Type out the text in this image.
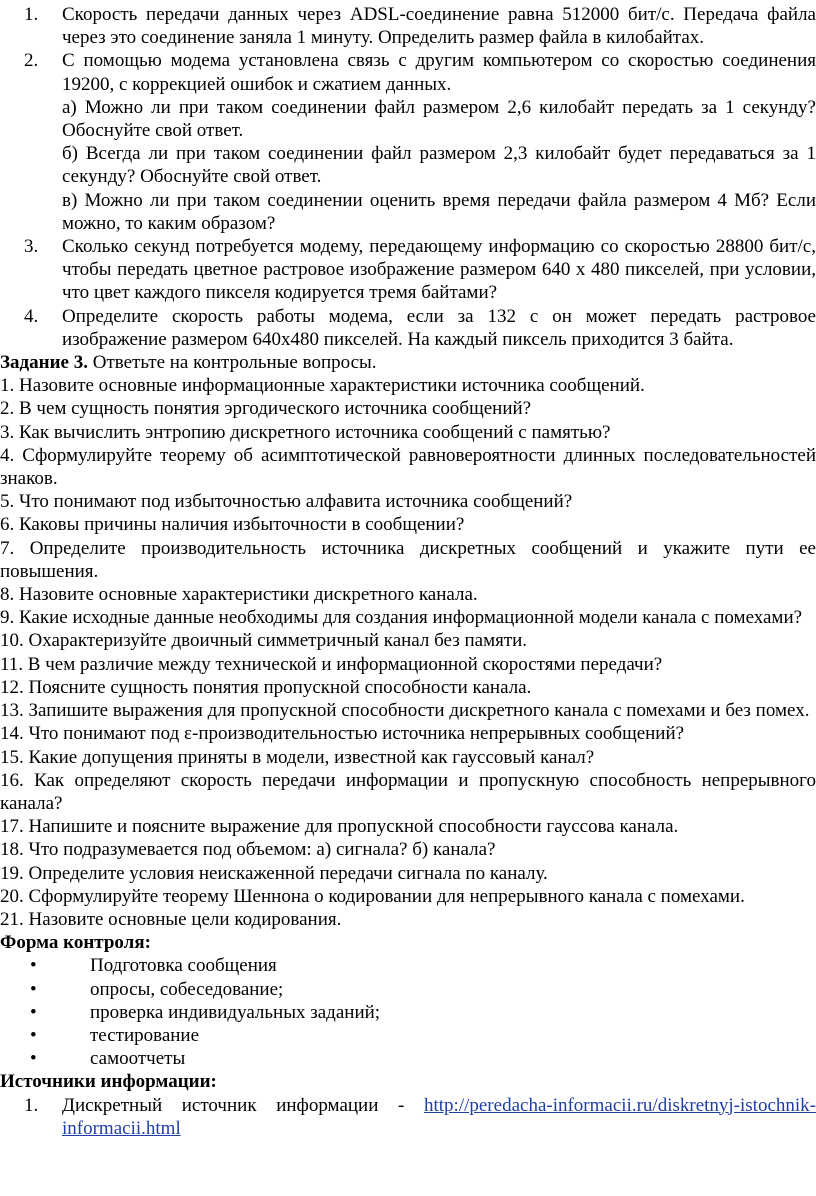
1. Скорость передачи данных через ADSL-соединение равна 512000 бит/с. Передача файла через это соединение заняла 1 минуту. Определить размер файла в килобайтах.
2. С помощью модема установлена связь с другим компьютером со скоростью соединения 19200, с коррекцией ошибок и сжатием данных.
а) Можно ли при таком соединении файл размером 2,6 килобайт передать за 1 секунду? Обоснуйте свой ответ.
б) Всегда ли при таком соединении файл размером 2,3 килобайт будет передаваться за 1 секунду? Обоснуйте свой ответ.
в) Можно ли при таком соединении оценить время передачи файла размером 4 Мб? Если можно, то каким образом?
3. Сколько секунд потребуется модему, передающему информацию со скоростью 28800 бит/с, чтобы передать цветное растровое изображение размером 640 х 480 пикселей, при условии, что цвет каждого пикселя кодируется тремя байтами?
4. Определите скорость работы модема, если за 132 с он может передать растровое изображение размером 640х480 пикселей. На каждый пиксель приходится 3 байта.

Задание 3. Ответьте на контрольные вопросы.

1. Назовите основные информационные характеристики источника сообщений.

2. В чем сущность понятия эргодического источника сообщений?

3. Как вычислить энтропию дискретного источника сообщений с памятью?

4. Сформулируйте теорему об асимптотической равновероятности длинных последовательностей знаков.

5. Что понимают под избыточностью алфавита источника сообщений?

6. Каковы причины наличия избыточности в сообщении?

7. Определите производительность источника дискретных сообщений и укажите пути ее повышения.

8. Назовите основные характеристики дискретного канала.

9. Какие исходные данные необходимы для создания информационной модели канала с помехами?

10. Охарактеризуйте двоичный симметричный канал без памяти.

11. В чем различие между технической и информационной скоростями передачи?

12. Поясните сущность понятия пропускной способности канала.

13. Запишите выражения для пропускной способности дискретного канала с помехами и без помех.

14. Что понимают под ε-производительностью источника непрерывных сообщений?

15. Какие допущения приняты в модели, известной как гауссовый канал?

16. Как определяют скорость передачи информации и пропускную способность непрерывного канала?

17. Напишите и поясните выражение для пропускной способности гауссова канала.

18. Что подразумевается под объемом: а) сигнала? б) канала?

19. Определите условия неискаженной передачи сигнала по каналу.

20. Сформулируйте теорему Шеннона о кодировании для непрерывного канала с помехами.

21. Назовите основные цели кодирования.

Форма контроля:

•	Подготовка сообщения
•	опросы, собеседование;
•	проверка индивидуальных заданий;
•	тестирование
•	самоотчеты

Источники информации:

1. Дискретный источник информации - http://peredacha-informacii.ru/diskretnyj-istochnik-informacii.html
